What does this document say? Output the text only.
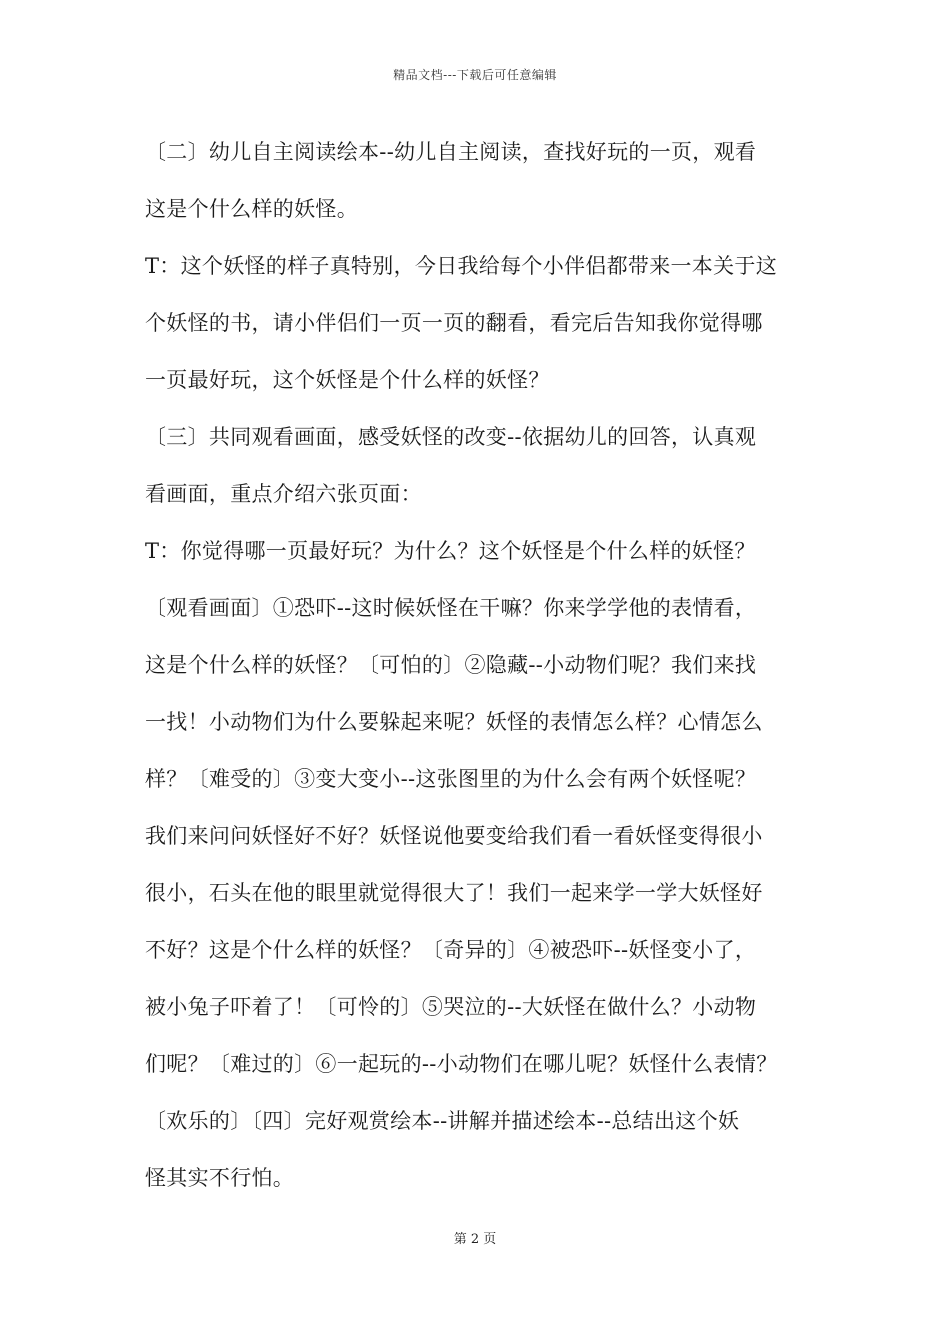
精品文档---下载后可任意编辑
〔二〕幼儿自主阅读绘本--幼儿自主阅读，查找好玩的一页，观看
这是个什么样的妖怪。
T：这个妖怪的样子真特别，今日我给每个小伴侣都带来一本关于这
个妖怪的书，请小伴侣们一页一页的翻看，看完后告知我你觉得哪
一页最好玩，这个妖怪是个什么样的妖怪？
〔三〕共同观看画面，感受妖怪的改变--依据幼儿的回答，认真观
看画面，重点介绍六张页面：
T：你觉得哪一页最好玩？为什么？这个妖怪是个什么样的妖怪？
〔观看画面〕①恐吓--这时候妖怪在干嘛？你来学学他的表情看，
这是个什么样的妖怪？〔可怕的〕②隐藏--小动物们呢？我们来找
一找！小动物们为什么要躲起来呢？妖怪的表情怎么样？心情怎么
样？〔难受的〕③变大变小--这张图里的为什么会有两个妖怪呢？
我们来问问妖怪好不好？妖怪说他要变给我们看一看妖怪变得很小
很小，石头在他的眼里就觉得很大了！我们一起来学一学大妖怪好
不好？这是个什么样的妖怪？〔奇异的〕④被恐吓--妖怪变小了，
被小兔子吓着了！〔可怜的〕⑤哭泣的--大妖怪在做什么？小动物
们呢？〔难过的〕⑥一起玩的--小动物们在哪儿呢？妖怪什么表情？
〔欢乐的〕〔四〕完好观赏绘本--讲解并描述绘本--总结出这个妖
怪其实不行怕。
第 2 页
